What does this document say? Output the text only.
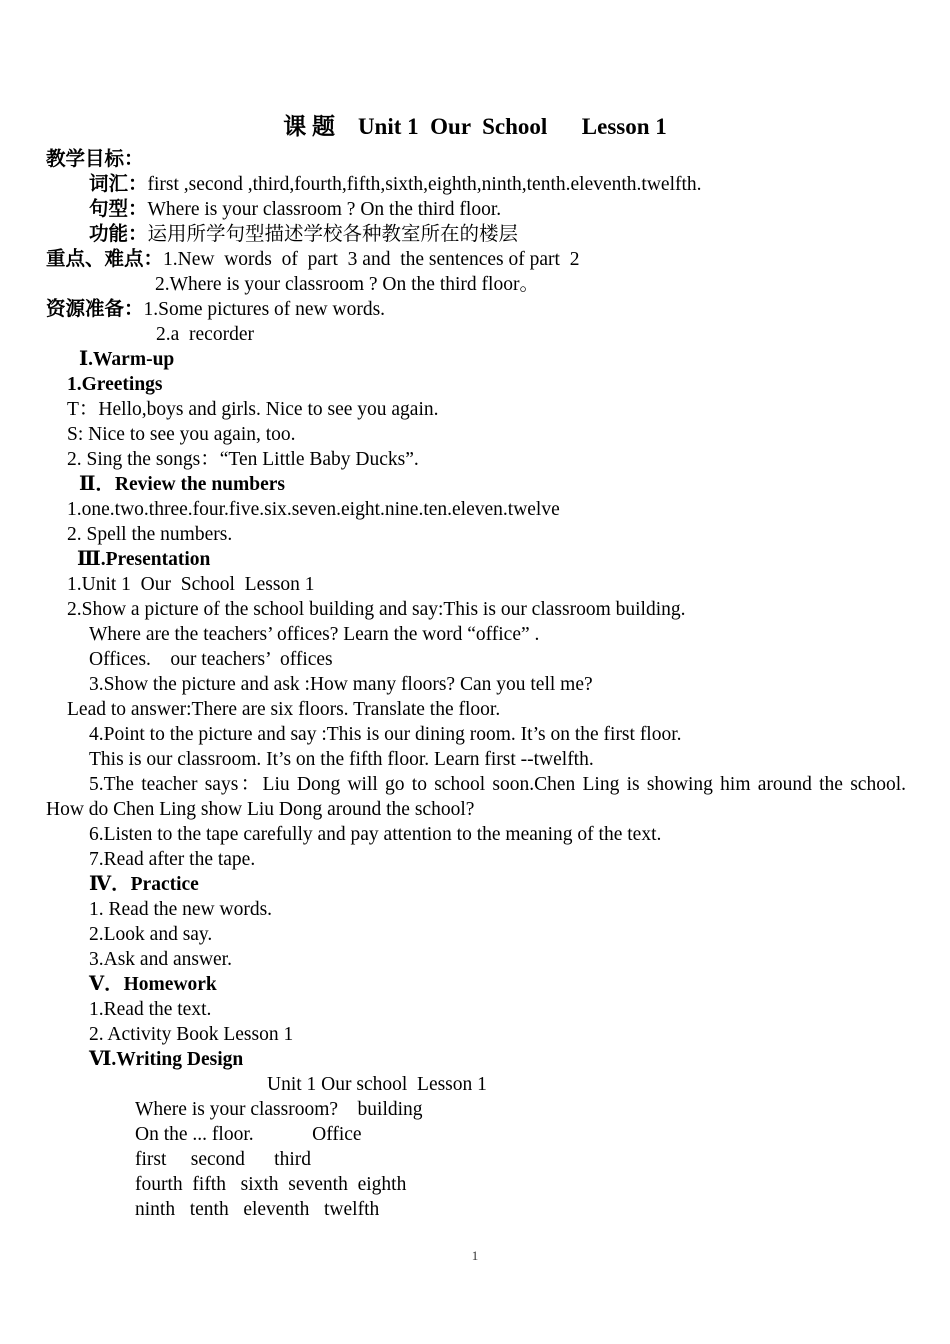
课 题    Unit 1  Our  School      Lesson 1
教学目标：
词汇：first ,second ,third,fourth,fifth,sixth,eighth,ninth,tenth.eleventh.twelfth.
句型：Where is your classroom ? On the third floor.
功能：运用所学句型描述学校各种教室所在的楼层
重点、难点：1.New  words  of  part  3 and  the sentences of part  2
2.Where is your classroom ? On the third floor。
资源准备：1.Some pictures of new words.
2.a  recorder
Ⅰ.Warm-up
1.Greetings
T：Hello,boys and girls. Nice to see you again.
S: Nice to see you again, too.
2. Sing the songs：“Ten Little Baby Ducks”.
Ⅱ．Review the numbers
1.one.two.three.four.five.six.seven.eight.nine.ten.eleven.twelve
2. Spell the numbers.
Ⅲ.Presentation
1.Unit 1  Our  School  Lesson 1
2.Show a picture of the school building and say:This is our classroom building.
Where are the teachers’ offices? Learn the word “office” .
Offices.    our teachers’  offices
3.Show the picture and ask :How many floors? Can you tell me?
Lead to answer:There are six floors. Translate the floor.
4.Point to the picture and say :This is our dining room. It’s on the first floor.
This is our classroom. It’s on the fifth floor. Learn first --twelfth.
5.The teacher says：Liu Dong will go to school soon.Chen Ling is showing him around the school. How do Chen Ling show Liu Dong around the school?
6.Listen to the tape carefully and pay attention to the meaning of the text.
7.Read after the tape.
Ⅳ．Practice
1. Read the new words.
2.Look and say.
3.Ask and answer.
Ⅴ．Homework
1.Read the text.
2. Activity Book Lesson 1
Ⅵ.Writing Design
Unit 1 Our school  Lesson 1
Where is your classroom?    building
On the ... floor.            Office
first     second      third
fourth  fifth   sixth  seventh  eighth
ninth   tenth   eleventh   twelfth
1
